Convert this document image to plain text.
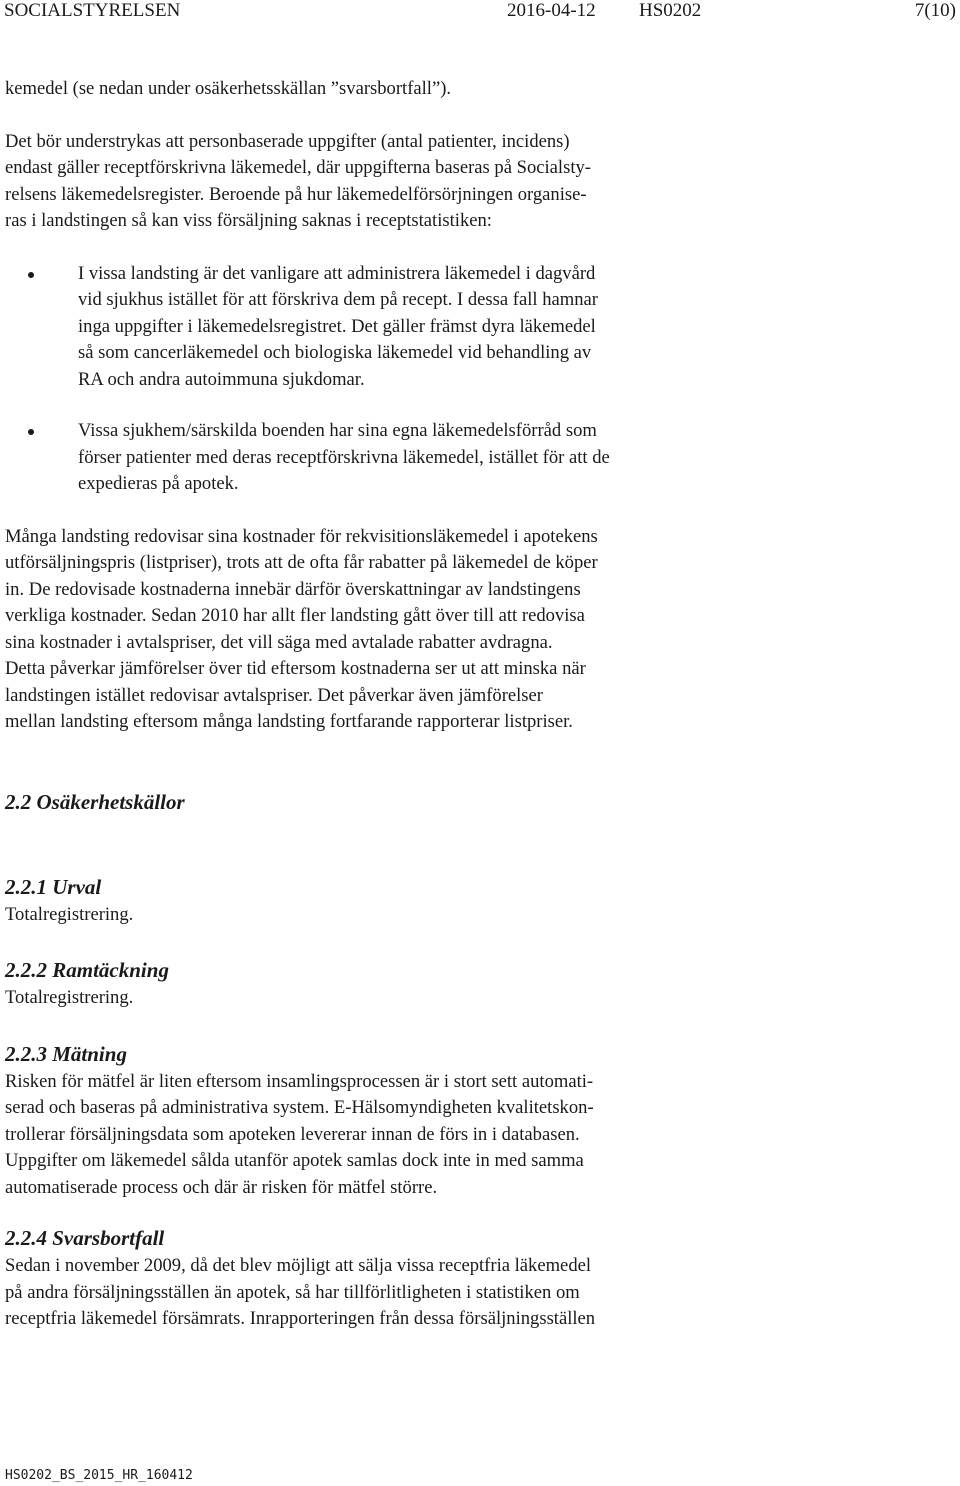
SOCIALSTYRELSEN	2016-04-12 HS0202	7(10)

kemedel (se nedan under osäkerhetsskällan ”svarsbortfall”).

Det bör understrykas att personbaserade uppgifter (antal patienter, incidens)

endast gäller receptförskrivna läkemedel, där uppgifterna baseras på Socialsty-

relsens läkemedelsregister. Beroende på hur läkemedelförsörjningen organise-

ras i landstingen så kan viss försäljning saknas i receptstatistiken:

I vissa landsting är det vanligare att administrera läkemedel i dagvård

vid sjukhus istället för att förskriva dem på recept. I dessa fall hamnar

inga uppgifter i läkemedelsregistret. Det gäller främst dyra läkemedel

så som cancerläkemedel och biologiska läkemedel vid behandling av

RA och andra autoimmuna sjukdomar.

Vissa sjukhem/särskilda boenden har sina egna läkemedelsförråd som

förser patienter med deras receptförskrivna läkemedel, istället för att de

expedieras på apotek.

Många landsting redovisar sina kostnader för rekvisitionsläkemedel i apotekens

utförsäljningspris (listpriser), trots att de ofta får rabatter på läkemedel de köper

in. De redovisade kostnaderna innebär därför överskattningar av landstingens

verkliga kostnader. Sedan 2010 har allt fler landsting gått över till att redovisa

sina kostnader i avtalspriser, det vill säga med avtalade rabatter avdragna.

Detta påverkar jämförelser över tid eftersom kostnaderna ser ut att minska när

landstingen istället redovisar avtalspriser. Det påverkar även jämförelser

mellan landsting eftersom många landsting fortfarande rapporterar listpriser.

2.2 Osäkerhetskällor
2.2.1 Urval

Totalregistrering.

2.2.2 Ramtäckning

Totalregistrering.

2.2.3 Mätning

Risken för mätfel är liten eftersom insamlingsprocessen är i stort sett automati-

serad och baseras på administrativa system. E-Hälsomyndigheten kvalitetskon-

trollerar försäljningsdata som apoteken levererar innan de förs in i databasen.

Uppgifter om läkemedel sålda utanför apotek samlas dock inte in med samma

automatiserade process och där är risken för mätfel större.

2.2.4 Svarsbortfall

Sedan i november 2009, då det blev möjligt att sälja vissa receptfria läkemedel

på andra försäljningsställen än apotek, så har tillförlitligheten i statistiken om

receptfria läkemedel försämrats. Inrapporteringen från dessa försäljningsställen

HS0202_BS_2015_HR_160412
